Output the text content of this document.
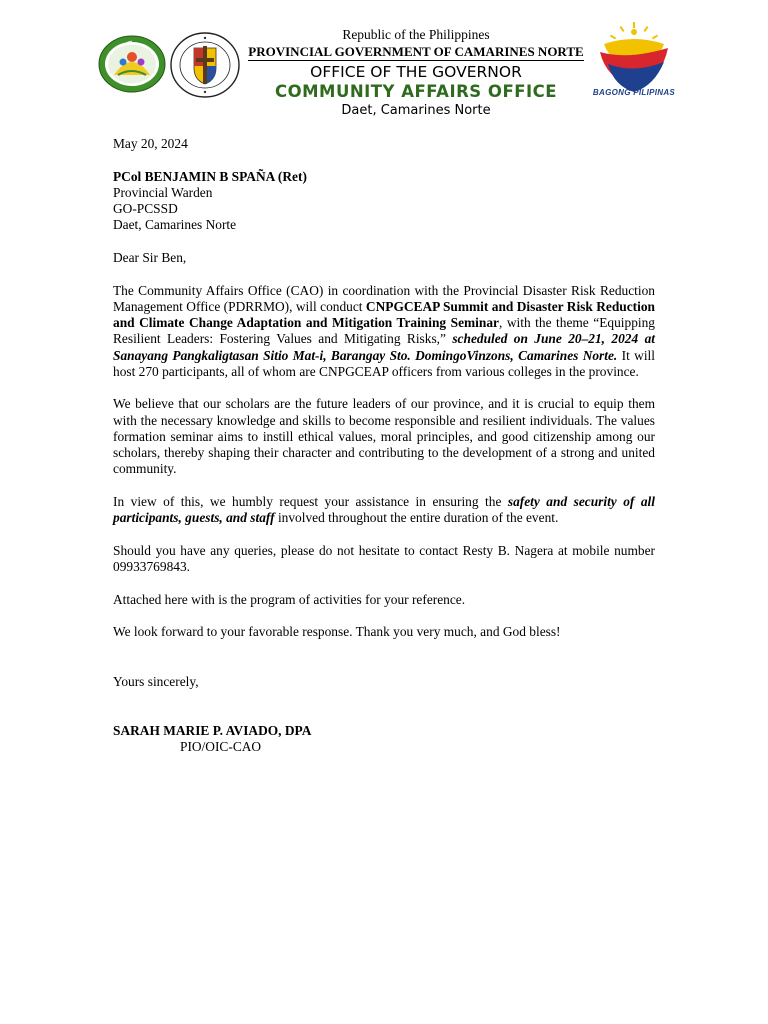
Republic of the Philippines
PROVINCIAL GOVERNMENT OF CAMARINES NORTE
OFFICE OF THE GOVERNOR
COMMUNITY AFFAIRS OFFICE
Daet, Camarines Norte
BAGONG PILIPINAS

May 20, 2024

PCol BENJAMIN B SPAÑA (Ret)

Provincial Warden

GO-PCSSD

Daet, Camarines Norte

Dear Sir Ben,

The Community Affairs Office (CAO) in coordination with the Provincial Disaster Risk Reduction Management Office (PDRRMO), will conduct CNPGCEAP Summit and Disaster Risk Reduction and Climate Change Adaptation and Mitigation Training Seminar, with the theme “Equipping Resilient Leaders: Fostering Values and Mitigating Risks,” scheduled on June 20–21, 2024 at Sanayang Pangkaligtasan Sitio Mat-i, Barangay Sto. DomingoVinzons, Camarines Norte. It will host 270 participants, all of whom are CNPGCEAP officers from various colleges in the province.

We believe that our scholars are the future leaders of our province, and it is crucial to equip them with the necessary knowledge and skills to become responsible and resilient individuals. The values formation seminar aims to instill ethical values, moral principles, and good citizenship among our scholars, thereby shaping their character and contributing to the development of a strong and united community.

In view of this, we humbly request your assistance in ensuring the safety and security of all participants, guests, and staff involved throughout the entire duration of the event.

Should you have any queries, please do not hesitate to contact Resty B. Nagera at mobile number 09933769843.

Attached here with is the program of activities for your reference.

We look forward to your favorable response. Thank you very much, and God bless!

Yours sincerely,

SARAH MARIE P. AVIADO, DPA

PIO/OIC-CAO
